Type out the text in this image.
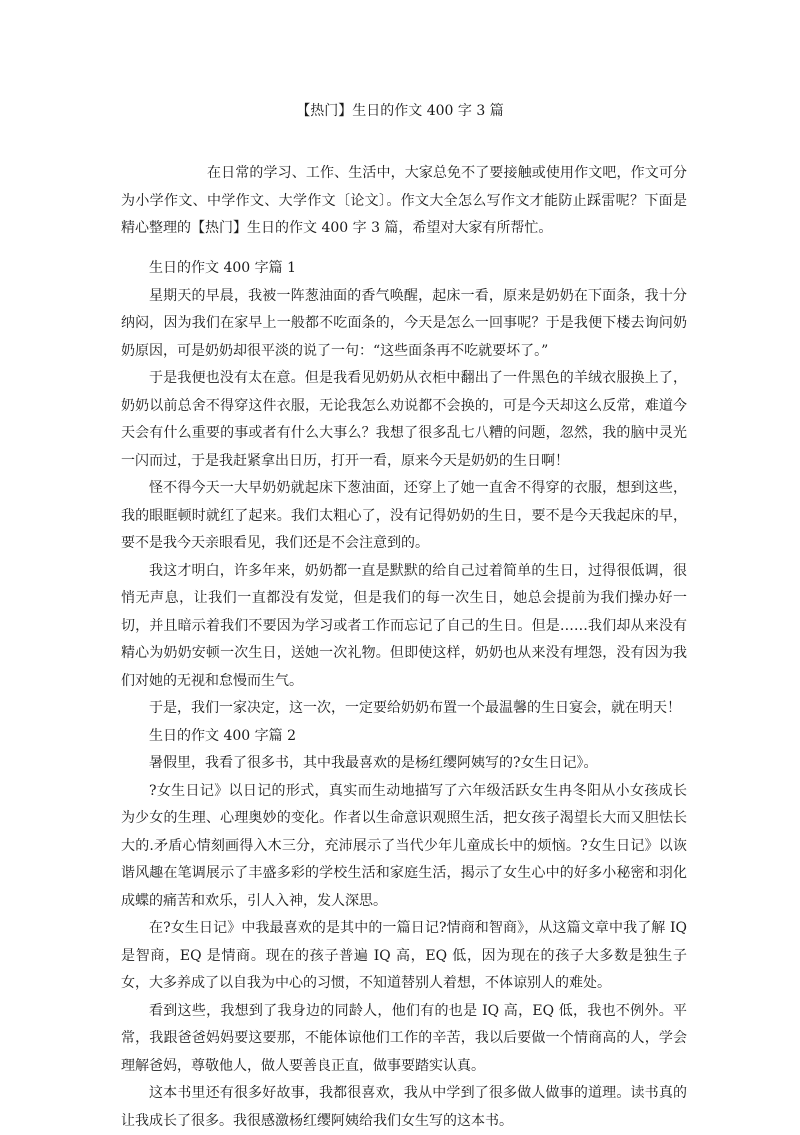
【热门】生日的作文 400 字 3 篇

在日常的学习、工作、生活中，大家总免不了要接触或使用作文吧，作文可分为小学作文、中学作文、大学作文〔论文〕。作文大全怎么写作文才能防止踩雷呢？下面是精心整理的【热门】生日的作文 400 字 3 篇，希望对大家有所帮忙。

生日的作文 400 字篇 1

星期天的早晨，我被一阵葱油面的香气唤醒，起床一看，原来是奶奶在下面条，我十分纳闷，因为我们在家早上一般都不吃面条的，今天是怎么一回事呢？于是我便下楼去询问奶奶原因，可是奶奶却很平淡的说了一句：“这些面条再不吃就要坏了。”

于是我便也没有太在意。但是我看见奶奶从衣柜中翻出了一件黑色的羊绒衣服换上了，奶奶以前总舍不得穿这件衣服，无论我怎么劝说都不会换的，可是今天却这么反常，难道今天会有什么重要的事或者有什么大事么？我想了很多乱七八糟的问题，忽然，我的脑中灵光一闪而过，于是我赶紧拿出日历，打开一看，原来今天是奶奶的生日啊！

怪不得今天一大早奶奶就起床下葱油面，还穿上了她一直舍不得穿的衣服，想到这些，我的眼眶顿时就红了起来。我们太粗心了，没有记得奶奶的生日，要不是今天我起床的早，要不是我今天亲眼看见，我们还是不会注意到的。

我这才明白，许多年来，奶奶都一直是默默的给自己过着简单的生日，过得很低调，很悄无声息，让我们一直都没有发觉，但是我们的每一次生日，她总会提前为我们操办好一切，并且暗示着我们不要因为学习或者工作而忘记了自己的生日。但是……我们却从来没有精心为奶奶安顿一次生日，送她一次礼物。但即使这样，奶奶也从来没有埋怨，没有因为我们对她的无视和怠慢而生气。

于是，我们一家决定，这一次，一定要给奶奶布置一个最温馨的生日宴会，就在明天！

生日的作文 400 字篇 2

暑假里，我看了很多书，其中我最喜欢的是杨红缨阿姨写的?女生日记》。

?女生日记》以日记的形式，真实而生动地描写了六年级活跃女生冉冬阳从小女孩成长为少女的生理、心理奥妙的变化。作者以生命意识观照生活，把女孩子渴望长大而又胆怯长大的.矛盾心情刻画得入木三分，充沛展示了当代少年儿童成长中的烦恼。?女生日记》以诙谐风趣在笔调展示了丰盛多彩的学校生活和家庭生活，揭示了女生心中的好多小秘密和羽化成蝶的痛苦和欢乐，引人入神，发人深思。

在?女生日记》中我最喜欢的是其中的一篇日记?情商和智商》，从这篇文章中我了解 IQ 是智商，EQ 是情商。现在的孩子普遍 IQ 高，EQ 低，因为现在的孩子大多数是独生子女，大多养成了以自我为中心的习惯，不知道替别人着想，不体谅别人的难处。

看到这些，我想到了我身边的同龄人，他们有的也是 IQ 高，EQ 低，我也不例外。平常，我跟爸爸妈妈要这要那，不能体谅他们工作的辛苦，我以后要做一个情商高的人，学会理解爸妈，尊敬他人，做人要善良正直，做事要踏实认真。

这本书里还有很多好故事，我都很喜欢，我从中学到了很多做人做事的道理。读书真的让我成长了很多。我很感激杨红缨阿姨给我们女生写的这本书。
